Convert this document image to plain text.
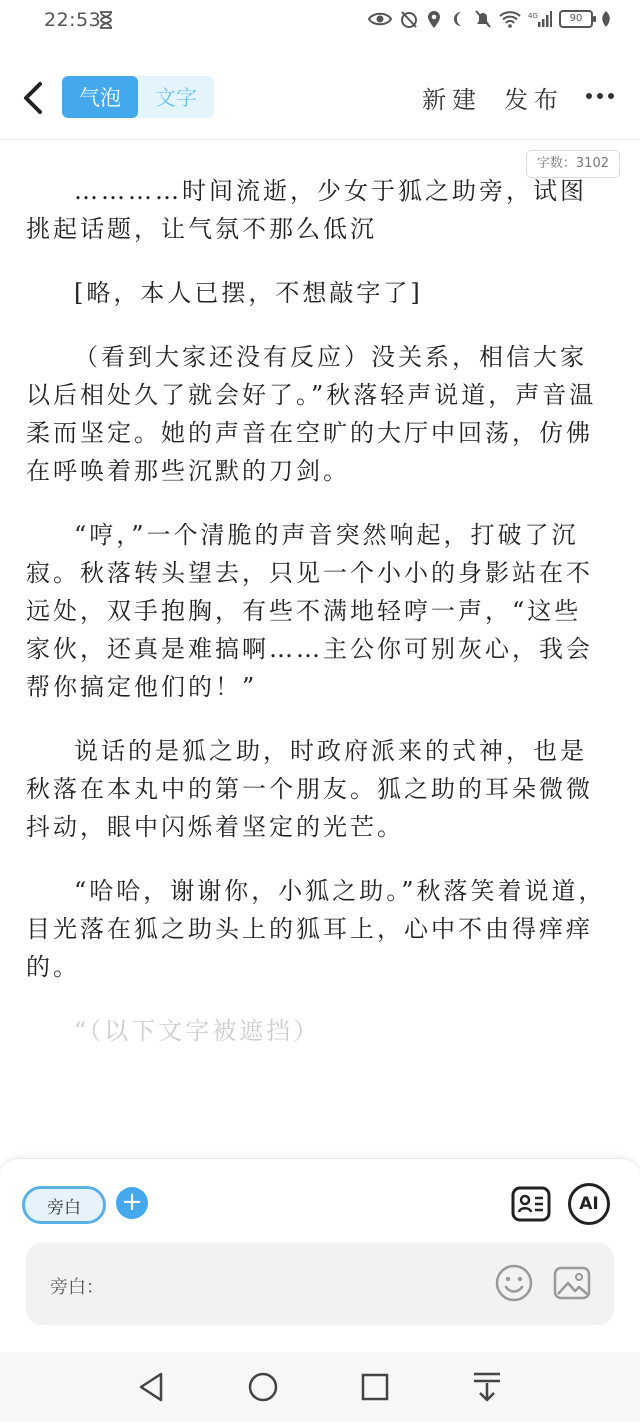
22:53	4G	90
气泡	文字	新建 发布
字数：3102

…………时间流逝，少女于狐之助旁，试图挑起话题，让气氛不那么低沉

[略，本人已摆，不想敲字了]

（看到大家还没有反应）没关系，相信大家以后相处久了就会好了。”秋落轻声说道，声音温柔而坚定。她的声音在空旷的大厅中回荡，仿佛在呼唤着那些沉默的刀剑。

“哼，”一个清脆的声音突然响起，打破了沉寂。秋落转头望去，只见一个小小的身影站在不远处，双手抱胸，有些不满地轻哼一声，“这些家伙，还真是难搞啊……主公你可别灰心，我会帮你搞定他们的！”

说话的是狐之助，时政府派来的式神，也是秋落在本丸中的第一个朋友。狐之助的耳朵微微抖动，眼中闪烁着坚定的光芒。

“哈哈，谢谢你，小狐之助。”秋落笑着说道，目光落在狐之助头上的狐耳上，心中不由得痒痒的。

“（以下文字被遮挡）

旁白	+	AI
旁白：
